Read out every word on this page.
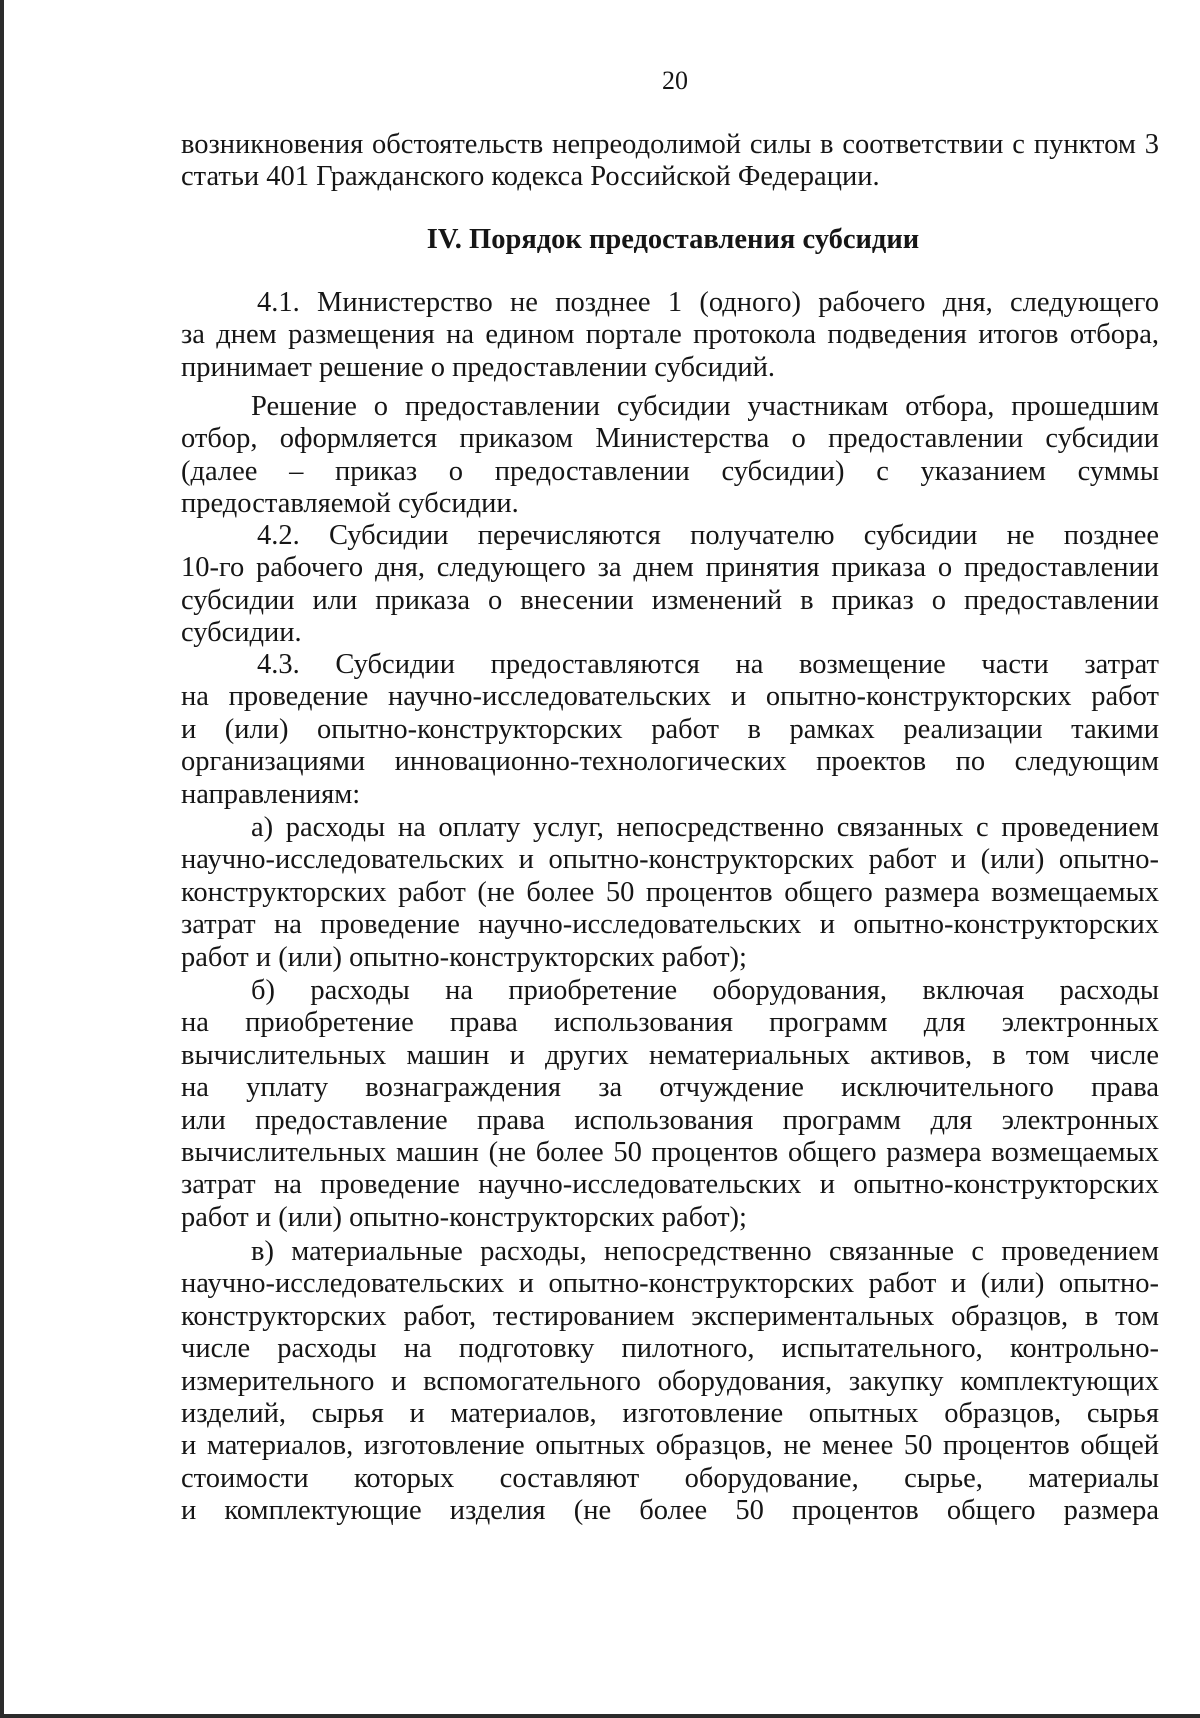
20
возникновения обстоятельств непреодолимой силы в соответствии с пунктом 3
статьи 401 Гражданского кодекса Российской Федерации.
IV. Порядок предоставления субсидии
4.1. Министерство не позднее 1 (одного) рабочего дня, следующего
за днем размещения на едином портале протокола подведения итогов отбора,
принимает решение о предоставлении субсидий.
Решение о предоставлении субсидии участникам отбора, прошедшим
отбор, оформляется приказом Министерства о предоставлении субсидии
(далее – приказ о предоставлении субсидии) с указанием суммы
предоставляемой субсидии.
4.2. Субсидии перечисляются получателю субсидии не позднее
10-го рабочего дня, следующего за днем принятия приказа о предоставлении
субсидии или приказа о внесении изменений в приказ о предоставлении
субсидии.
4.3. Субсидии предоставляются на возмещение части затрат
на проведение научно-исследовательских и опытно-конструкторских работ
и (или) опытно-конструкторских работ в рамках реализации такими
организациями инновационно-технологических проектов по следующим
направлениям:
а) расходы на оплату услуг, непосредственно связанных с проведением
научно-исследовательских и опытно-конструкторских работ и (или) опытно-
конструкторских работ (не более 50 процентов общего размера возмещаемых
затрат на проведение научно-исследовательских и опытно-конструкторских
работ и (или) опытно-конструкторских работ);
б) расходы на приобретение оборудования, включая расходы
на приобретение права использования программ для электронных
вычислительных машин и других нематериальных активов, в том числе
на уплату вознаграждения за отчуждение исключительного права
или предоставление права использования программ для электронных
вычислительных машин (не более 50 процентов общего размера возмещаемых
затрат на проведение научно-исследовательских и опытно-конструкторских
работ и (или) опытно-конструкторских работ);
в) материальные расходы, непосредственно связанные с проведением
научно-исследовательских и опытно-конструкторских работ и (или) опытно-
конструкторских работ, тестированием экспериментальных образцов, в том
числе расходы на подготовку пилотного, испытательного, контрольно-
измерительного и вспомогательного оборудования, закупку комплектующих
изделий, сырья и материалов, изготовление опытных образцов, сырья
и материалов, изготовление опытных образцов, не менее 50 процентов общей
стоимости которых составляют оборудование, сырье, материалы
и комплектующие изделия (не более 50 процентов общего размера
